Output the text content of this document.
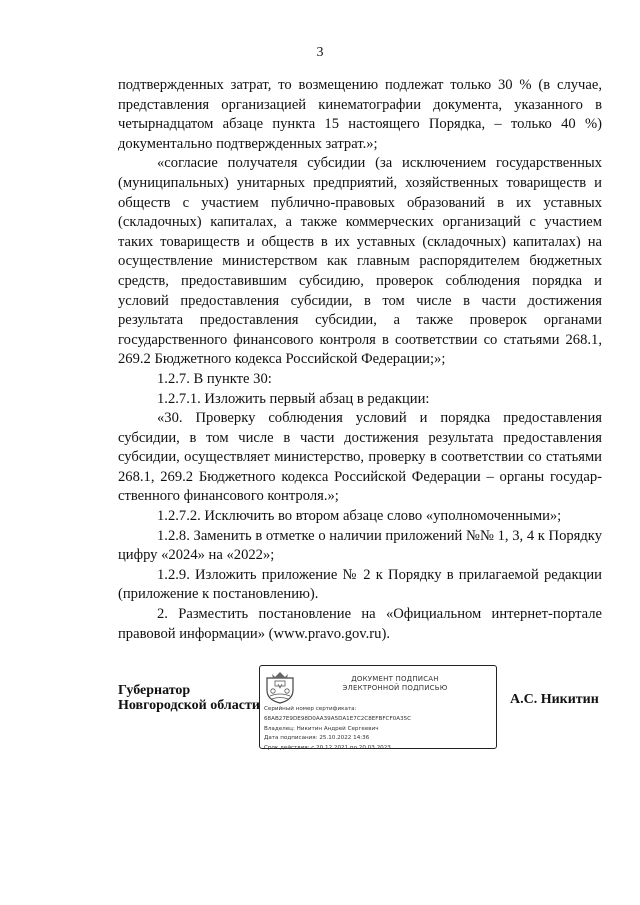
3

подтвержденных затрат, то возмещению подлежат только 30 % (в случае, представления организацией кинематографии документа, указанного в четырнадцатом абзаце пункта 15 настоящего Порядка, – только 40 %) документально подтвержденных затрат.»;

«согласие получателя субсидии (за исключением государственных (муниципальных) унитарных предприятий, хозяйственных товариществ и обществ с участием публично-правовых образований в их уставных (складочных) капиталах, а также коммерческих организаций с участием таких товариществ и обществ в их уставных (складочных) капиталах) на осуществление министерством как главным распорядителем бюджетных средств, предоставившим субсидию, проверок соблюдения порядка и условий предоставления субсидии, в том числе в части достижения результата предоставления субсидии, а также проверок органами государственного финансового контроля в соответствии со статьями 268.1, 269.2 Бюджетного кодекса Российской Федерации;»;

1.2.7. В пункте 30:

1.2.7.1. Изложить первый абзац в редакции:

«30. Проверку соблюдения условий и порядка предоставления субсидии, в том числе в части достижения результата предоставления субсидии, осуществляет министерство, проверку в соответствии со статьями 268.1, 269.2 Бюджетного кодекса Российской Федерации – органы государственного финансового контроля.»;

1.2.7.2. Исключить во втором абзаце слово «уполномоченными»;

1.2.8. Заменить в отметке о наличии приложений №№ 1, 3, 4 к Порядку цифру «2024» на «2022»;

1.2.9. Изложить приложение № 2 к Порядку в прилагаемой редакции (приложение к постановлению).

2. Разместить постановление на «Официальном интернет-портале правовой информации» (www.pravo.gov.ru).

Губернатор
Новгородской области
ДОКУМЕНТ ПОДПИСАН
ЭЛЕКТРОННОЙ ПОДПИСЬЮ
Серийный номер сертификата:
68AB27E9DE98D0AA39A5DA1E7C2C8EFBFCF0A35C
Владелец: Никитин Андрей Сергеевич
Дата подписания: 25.10.2022 14:36
Срок действия: с 20.12.2021 по 20.03.2023
А.С. Никитин
